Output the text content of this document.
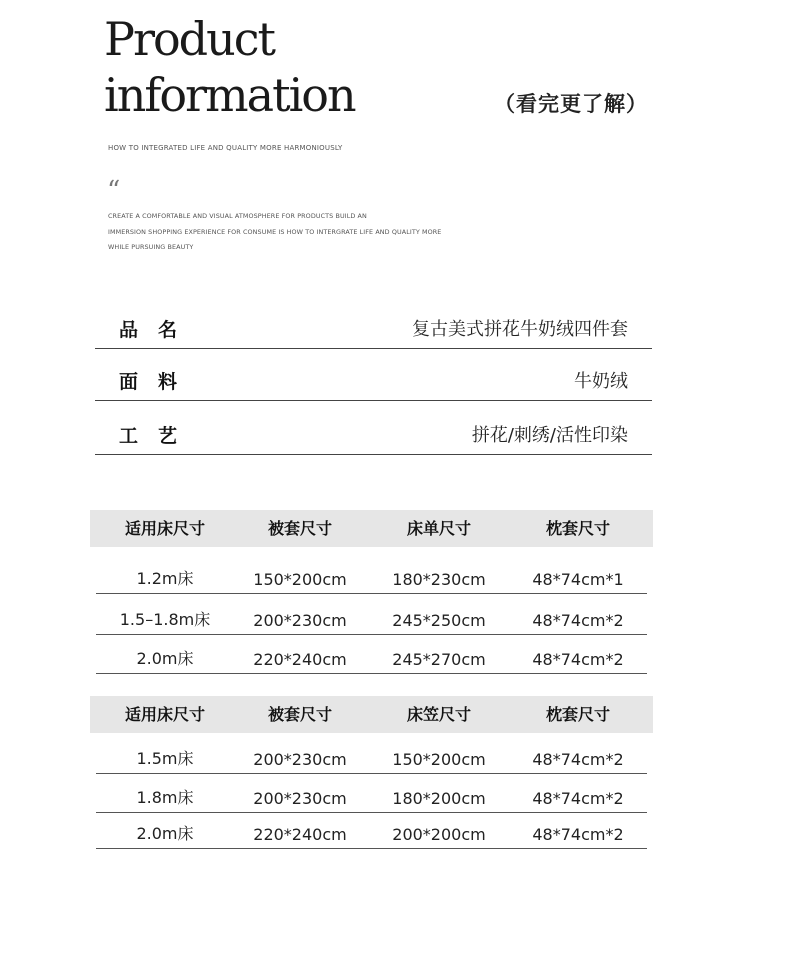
Product
information	（看完更了解）
HOW TO INTEGRATED LIFE AND QUALITY MORE HARMONIOUSLY
“
CREATE A COMFORTABLE AND VISUAL ATMOSPHERE FOR PRODUCTS BUILD AN
IMMERSION SHOPPING EXPERIENCE FOR CONSUME IS HOW TO INTERGRATE LIFE AND QUALITY MORE
WHILE PURSUING BEAUTY
品名	复古美式拼花牛奶绒四件套
面料	牛奶绒
工艺	拼花/刺绣/活性印染
适用床尺寸	被套尺寸	床单尺寸	枕套尺寸
1.2m床	150*200cm	180*230cm	48*74cm*1
1.5–1.8m床	200*230cm	245*250cm	48*74cm*2
2.0m床	220*240cm	245*270cm	48*74cm*2
适用床尺寸	被套尺寸	床笠尺寸	枕套尺寸
1.5m床	200*230cm	150*200cm	48*74cm*2
1.8m床	200*230cm	180*200cm	48*74cm*2
2.0m床	220*240cm	200*200cm	48*74cm*2
